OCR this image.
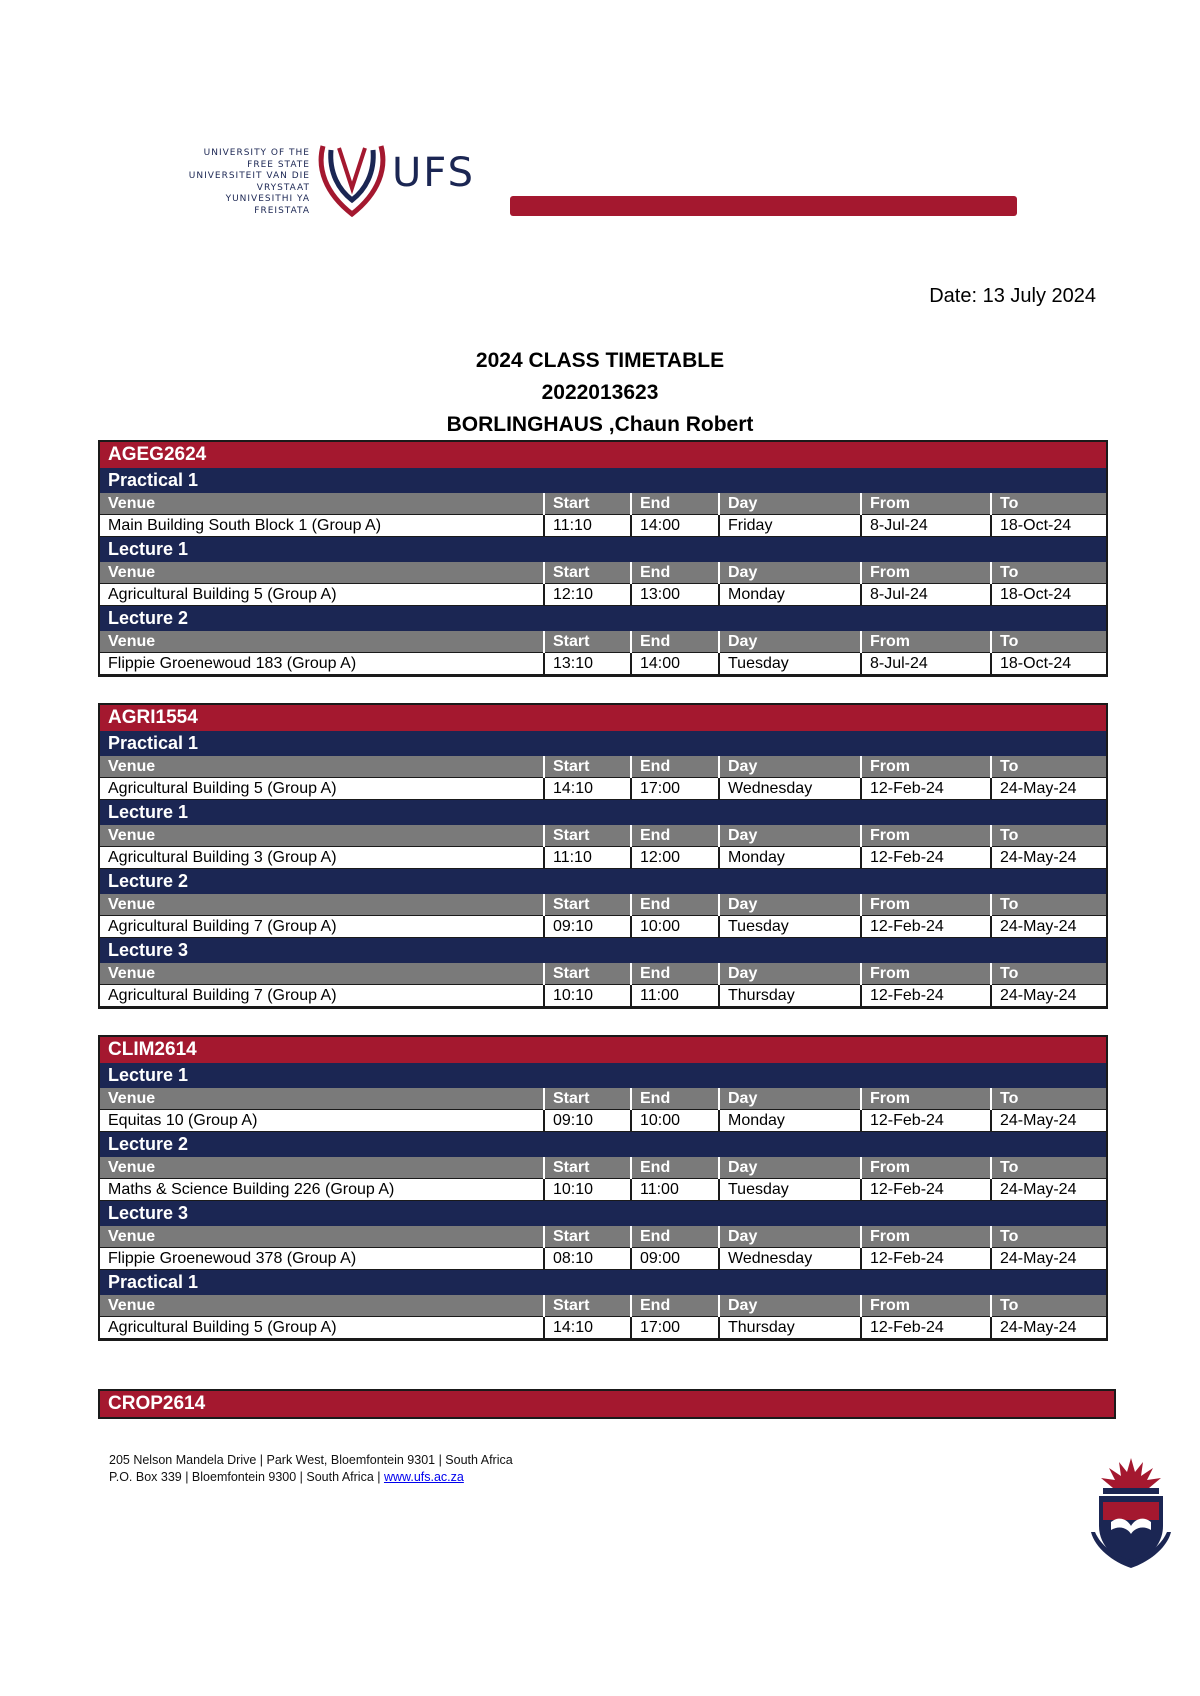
UNIVERSITY OF THE
FREE STATE
UNIVERSITEIT VAN DIE
VRYSTAAT
YUNIVESITHI YA
FREISTATA
UFS
Date: 13 July 2024
2024 CLASS TIMETABLE
2022013623
BORLINGHAUS ,Chaun Robert
AGEG2624
Practical 1
Venue	Start	End	Day	From	To
Main Building South Block 1 (Group A)	11:10	14:00	Friday	8-Jul-24	18-Oct-24
Lecture 1
Venue	Start	End	Day	From	To
Agricultural Building 5 (Group A)	12:10	13:00	Monday	8-Jul-24	18-Oct-24
Lecture 2
Venue	Start	End	Day	From	To
Flippie Groenewoud 183 (Group A)	13:10	14:00	Tuesday	8-Jul-24	18-Oct-24
AGRI1554
Practical 1
Venue	Start	End	Day	From	To
Agricultural Building 5 (Group A)	14:10	17:00	Wednesday	12-Feb-24	24-May-24
Lecture 1
Venue	Start	End	Day	From	To
Agricultural Building 3 (Group A)	11:10	12:00	Monday	12-Feb-24	24-May-24
Lecture 2
Venue	Start	End	Day	From	To
Agricultural Building 7 (Group A)	09:10	10:00	Tuesday	12-Feb-24	24-May-24
Lecture 3
Venue	Start	End	Day	From	To
Agricultural Building 7 (Group A)	10:10	11:00	Thursday	12-Feb-24	24-May-24
CLIM2614
Lecture 1
Venue	Start	End	Day	From	To
Equitas 10 (Group A)	09:10	10:00	Monday	12-Feb-24	24-May-24
Lecture 2
Venue	Start	End	Day	From	To
Maths & Science Building 226 (Group A)	10:10	11:00	Tuesday	12-Feb-24	24-May-24
Lecture 3
Venue	Start	End	Day	From	To
Flippie Groenewoud 378 (Group A)	08:10	09:00	Wednesday	12-Feb-24	24-May-24
Practical 1
Venue	Start	End	Day	From	To
Agricultural Building 5 (Group A)	14:10	17:00	Thursday	12-Feb-24	24-May-24
CROP2614
205 Nelson Mandela Drive | Park West, Bloemfontein 9301 | South Africa
P.O. Box 339 | Bloemfontein 9300 | South Africa | www.ufs.ac.za
